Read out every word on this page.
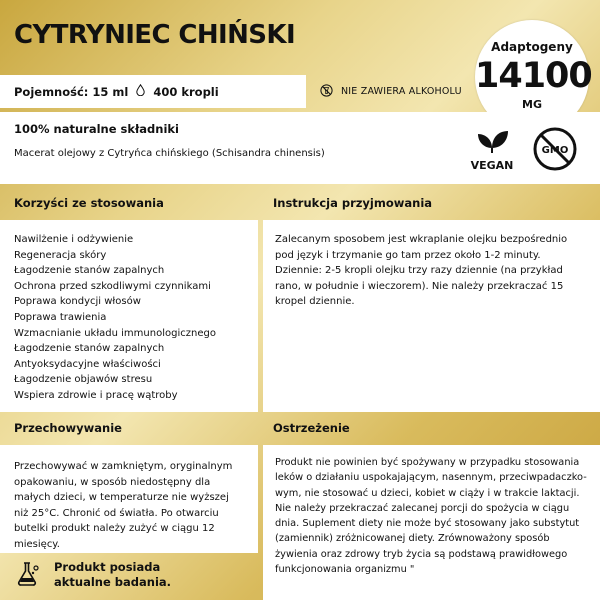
CYTRYNIEC CHIŃSKI	Adaptogeny
14100
MG
Pojemność: 15 ml 400 kropli	NIE ZAWIERA ALKOHOLU
100% naturalne składniki
Macerat olejowy z Cytryńca chińskiego (Schisandra chinensis)
VEGAN
GMO
Korzyści ze stosowania	Instrukcja przyjmowania
Nawilżenie i odżywienie
Regeneracja skóry
Łagodzenie stanów zapalnych
Ochrona przed szkodliwymi czynnikami
Poprawa kondycji włosów
Poprawa trawienia
Wzmacnianie układu immunologicznego
Łagodzenie stanów zapalnych
Antyoksydacyjne właściwości
Łagodzenie objawów stresu
Wspiera zdrowie i pracę wątroby

Zalecanym sposobem jest wkraplanie olejku bezpośrednio pod język i trzymanie go tam przez około 1-2 minuty. Dziennie: 2-5 kropli olejku trzy razy dziennie (na przykład rano, w południe i wieczorem). Nie należy przekraczać 15 kropel dziennie.

Przechowywanie	Ostrzeżenie

Przechowywać w zamkniętym, oryginalnym opakowaniu, w sposób niedostępny dla małych dzieci, w temperaturze nie wyższej niż 25°C. Chronić od światła. Po otwarciu butelki produkt należy zużyć w ciągu 12 miesięcy.

Produkt nie powinien być spożywany w przypadku stosowania leków o działaniu uspokajającym, nasennym, przeciwpadaczko-wym, nie stosować u dzieci, kobiet w ciąży i w trakcie laktacji. Nie należy przekraczać zalecanej porcji do spożycia w ciągu dnia. Suplement diety nie może być stosowany jako substytut (zamiennik) zróżnicowanej diety. Zrównoważony sposób żywienia oraz zdrowy tryb życia są podstawą prawidłowego funkcjonowania organizmu "

Produkt posiada aktualne badania.
